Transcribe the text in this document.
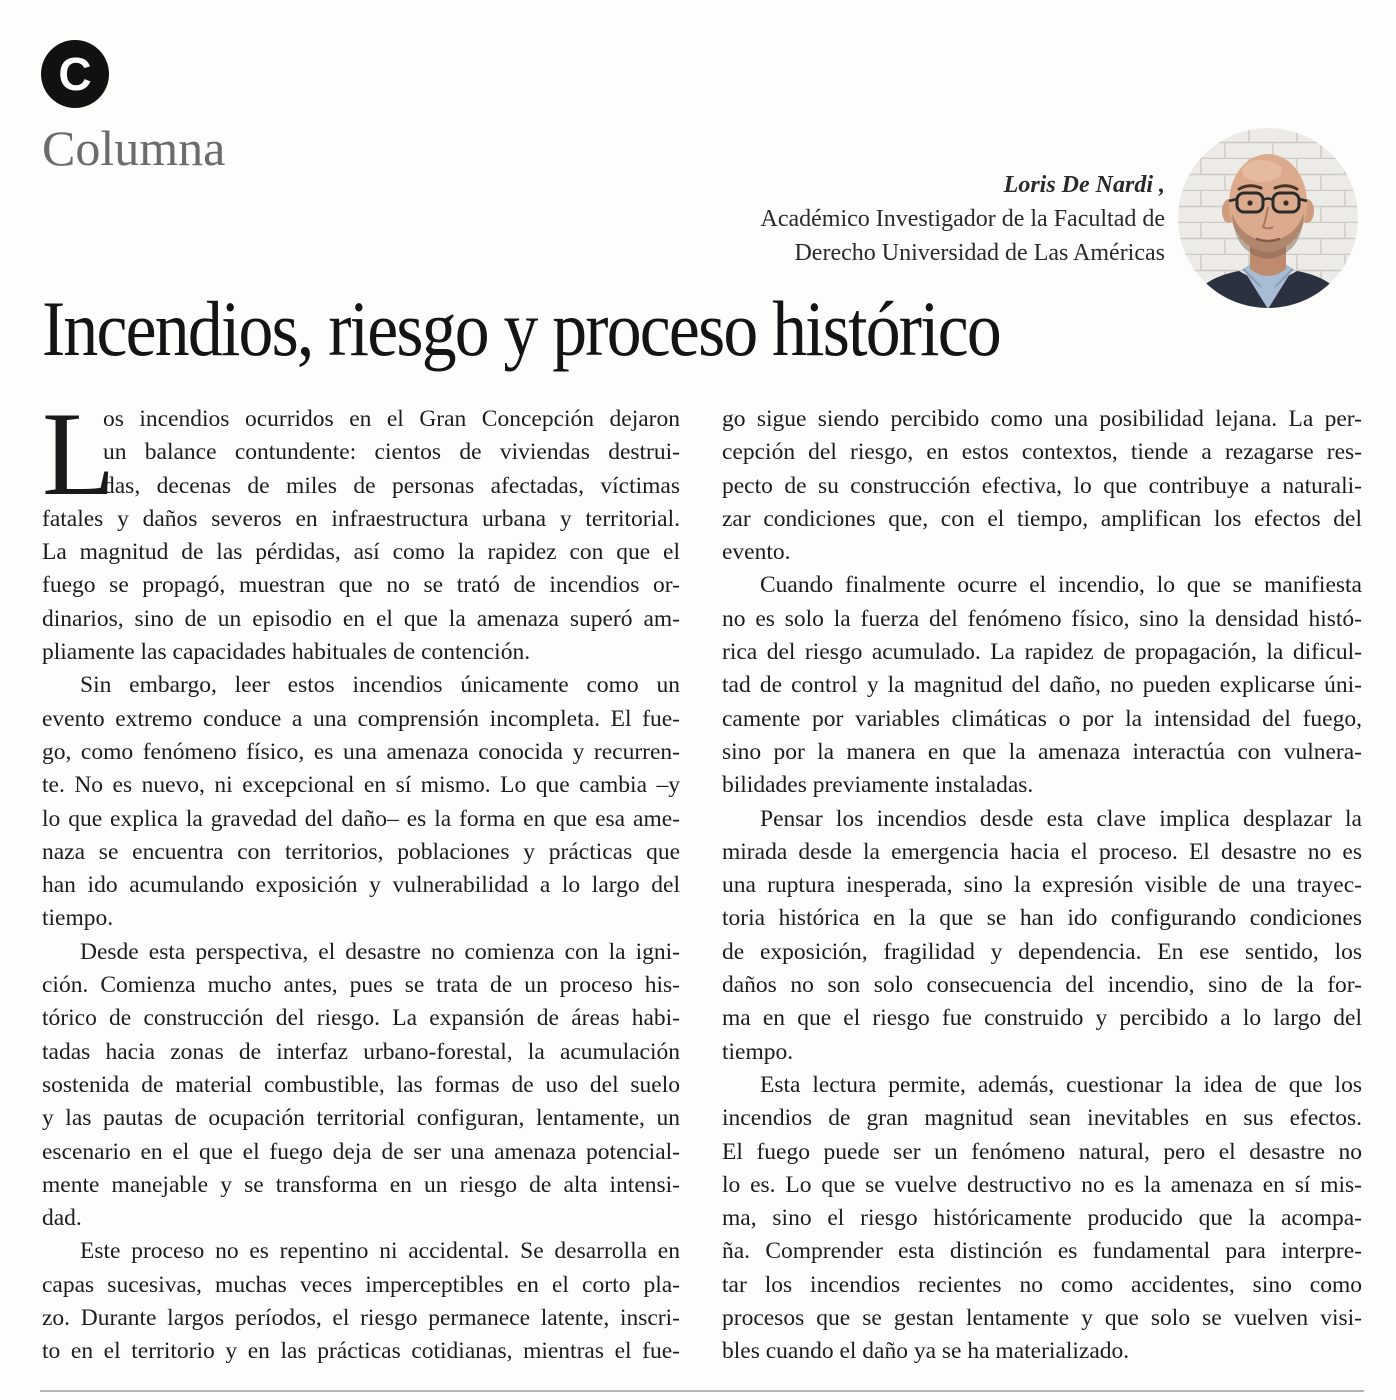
C
Columna
Loris De Nardi ,
Académico Investigador de la Facultad de
Derecho Universidad de Las Américas
Incendios, riesgo y proceso histórico
L
os incendios ocurridos en el Gran Concepción dejaron
un balance contundente: cientos de viviendas destrui-
das, decenas de miles de personas afectadas, víctimas
fatales y daños severos en infraestructura urbana y territorial.
La magnitud de las pérdidas, así como la rapidez con que el
fuego se propagó, muestran que no se trató de incendios or-
dinarios, sino de un episodio en el que la amenaza superó am-
pliamente las capacidades habituales de contención.
Sin embargo, leer estos incendios únicamente como un
evento extremo conduce a una comprensión incompleta. El fue-
go, como fenómeno físico, es una amenaza conocida y recurren-
te. No es nuevo, ni excepcional en sí mismo. Lo que cambia –y
lo que explica la gravedad del daño– es la forma en que esa ame-
naza se encuentra con territorios, poblaciones y prácticas que
han ido acumulando exposición y vulnerabilidad a lo largo del
tiempo.
Desde esta perspectiva, el desastre no comienza con la igni-
ción. Comienza mucho antes, pues se trata de un proceso his-
tórico de construcción del riesgo. La expansión de áreas habi-
tadas hacia zonas de interfaz urbano-forestal, la acumulación
sostenida de material combustible, las formas de uso del suelo
y las pautas de ocupación territorial configuran, lentamente, un
escenario en el que el fuego deja de ser una amenaza potencial-
mente manejable y se transforma en un riesgo de alta intensi-
dad.
Este proceso no es repentino ni accidental. Se desarrolla en
capas sucesivas, muchas veces imperceptibles en el corto pla-
zo. Durante largos períodos, el riesgo permanece latente, inscri-
to en el territorio y en las prácticas cotidianas, mientras el fue-
go sigue siendo percibido como una posibilidad lejana. La per-
cepción del riesgo, en estos contextos, tiende a rezagarse res-
pecto de su construcción efectiva, lo que contribuye a naturali-
zar condiciones que, con el tiempo, amplifican los efectos del
evento.
Cuando finalmente ocurre el incendio, lo que se manifiesta
no es solo la fuerza del fenómeno físico, sino la densidad histó-
rica del riesgo acumulado. La rapidez de propagación, la dificul-
tad de control y la magnitud del daño, no pueden explicarse úni-
camente por variables climáticas o por la intensidad del fuego,
sino por la manera en que la amenaza interactúa con vulnera-
bilidades previamente instaladas.
Pensar los incendios desde esta clave implica desplazar la
mirada desde la emergencia hacia el proceso. El desastre no es
una ruptura inesperada, sino la expresión visible de una trayec-
toria histórica en la que se han ido configurando condiciones
de exposición, fragilidad y dependencia. En ese sentido, los
daños no son solo consecuencia del incendio, sino de la for-
ma en que el riesgo fue construido y percibido a lo largo del
tiempo.
Esta lectura permite, además, cuestionar la idea de que los
incendios de gran magnitud sean inevitables en sus efectos.
El fuego puede ser un fenómeno natural, pero el desastre no
lo es. Lo que se vuelve destructivo no es la amenaza en sí mis-
ma, sino el riesgo históricamente producido que la acompa-
ña. Comprender esta distinción es fundamental para interpre-
tar los incendios recientes no como accidentes, sino como
procesos que se gestan lentamente y que solo se vuelven visi-
bles cuando el daño ya se ha materializado.
